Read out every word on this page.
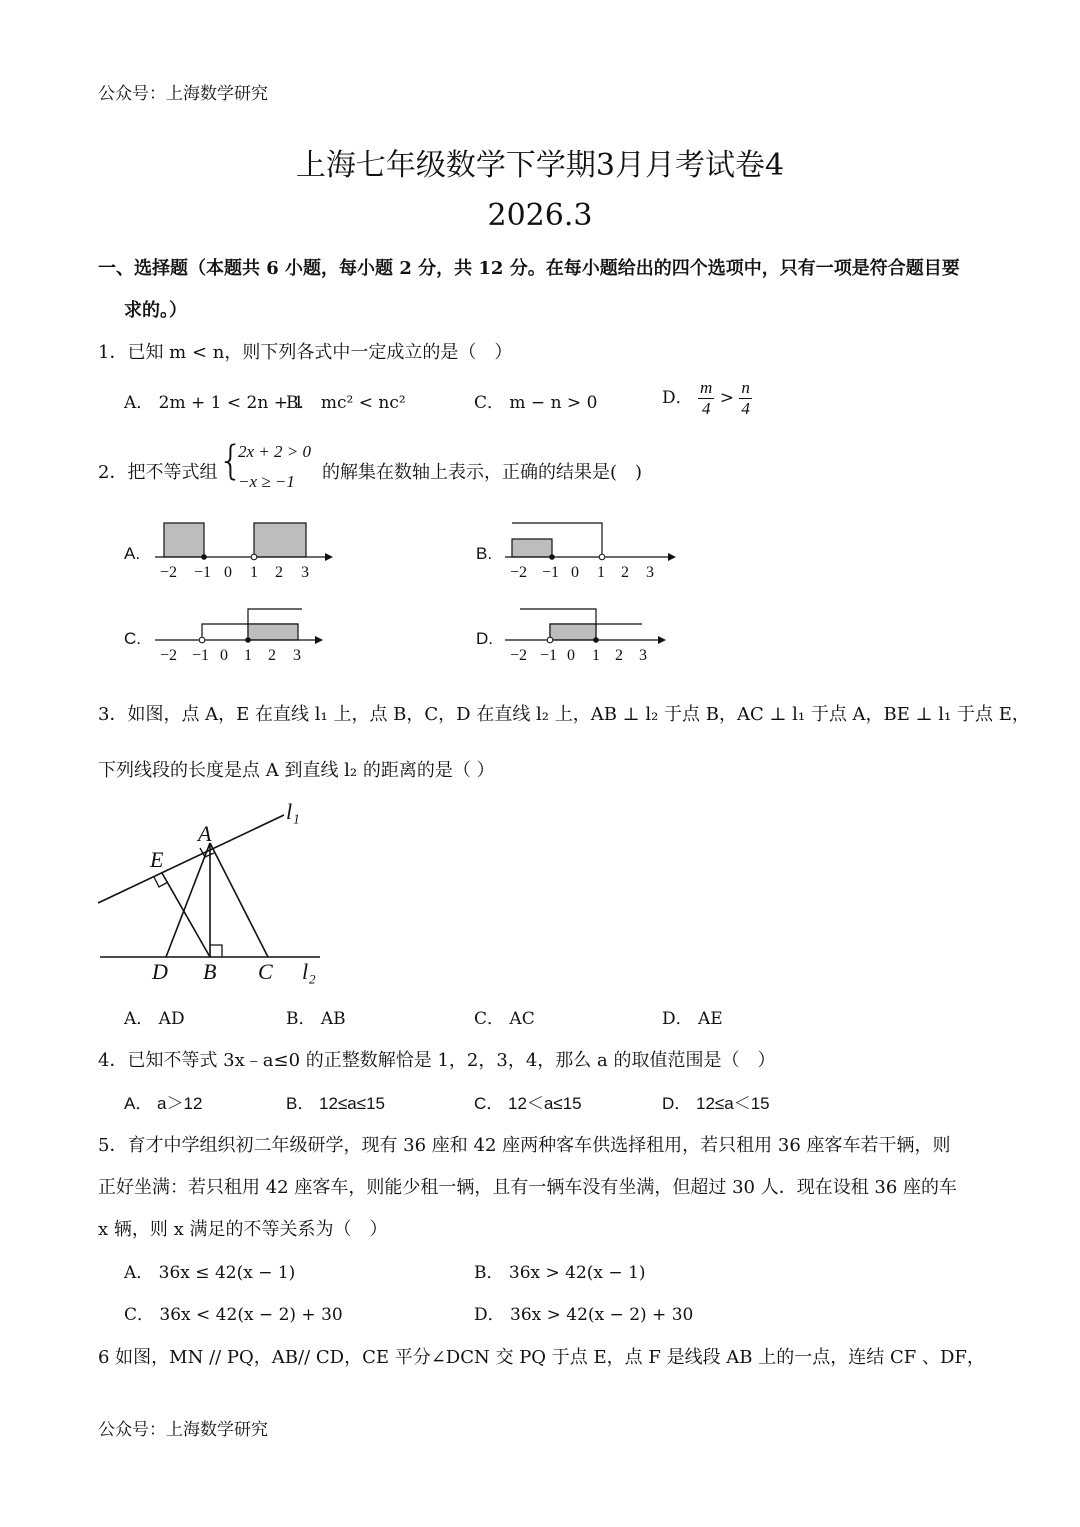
公众号：上海数学研究
上海七年级数学下学期3月月考试卷4
2026.3
一、选择题（本题共 6 小题，每小题 2 分，共 12 分。在每小题给出的四个选项中，只有一项是符合题目要
求的。）
1．已知 m < n，则下列各式中一定成立的是（　）
A． 2m + 1 < 2n + 1
B． mc² < nc²	C． m − n > 0	D． $\frac{m}{4} > \frac{n}{4}$
2．把不等式组 {
2x + 2 > 0
−x ≥ −1 的解集在数轴上表示，正确的结果是(　)
A.	B.
C.	D.
−2 −1 0 1 2 3	−2 −1 0 1 2 3
−2 −1 0 1 2 3	−2 −1 0 1 2 3
3．如图，点 A，E 在直线 l₁ 上，点 B，C，D 在直线 l₂ 上，AB ⊥ l₂ 于点 B，AC ⊥ l₁ 于点 A，BE ⊥ l₁ 于点 E，
下列线段的长度是点 A 到直线 l₂ 的距离的是（ ）
l₁
A
E
D B C l₂
A． AD	B． AB	C． AC	D． AE
4．已知不等式 3x﹣a≤0 的正整数解恰是 1，2，3，4，那么 a 的取值范围是（　）
A． a＞12	B． 12≤a≤15	C． 12＜a≤15	D． 12≤a＜15
5．育才中学组织初二年级研学，现有 36 座和 42 座两种客车供选择租用，若只租用 36 座客车若干辆，则
正好坐满：若只租用 42 座客车，则能少租一辆，且有一辆车没有坐满，但超过 30 人．现在设租 36 座的车
x 辆，则 x 满足的不等关系为（　）
A． 36x ≤ 42(x − 1)	B． 36x > 42(x − 1)
C． 36x < 42(x − 2) + 30	D． 36x > 42(x − 2) + 30
6 如图，MN // PQ，AB// CD，CE 平分∠DCN 交 PQ 于点 E，点 F 是线段 AB 上的一点，连结 CF 、DF，
公众号：上海数学研究
